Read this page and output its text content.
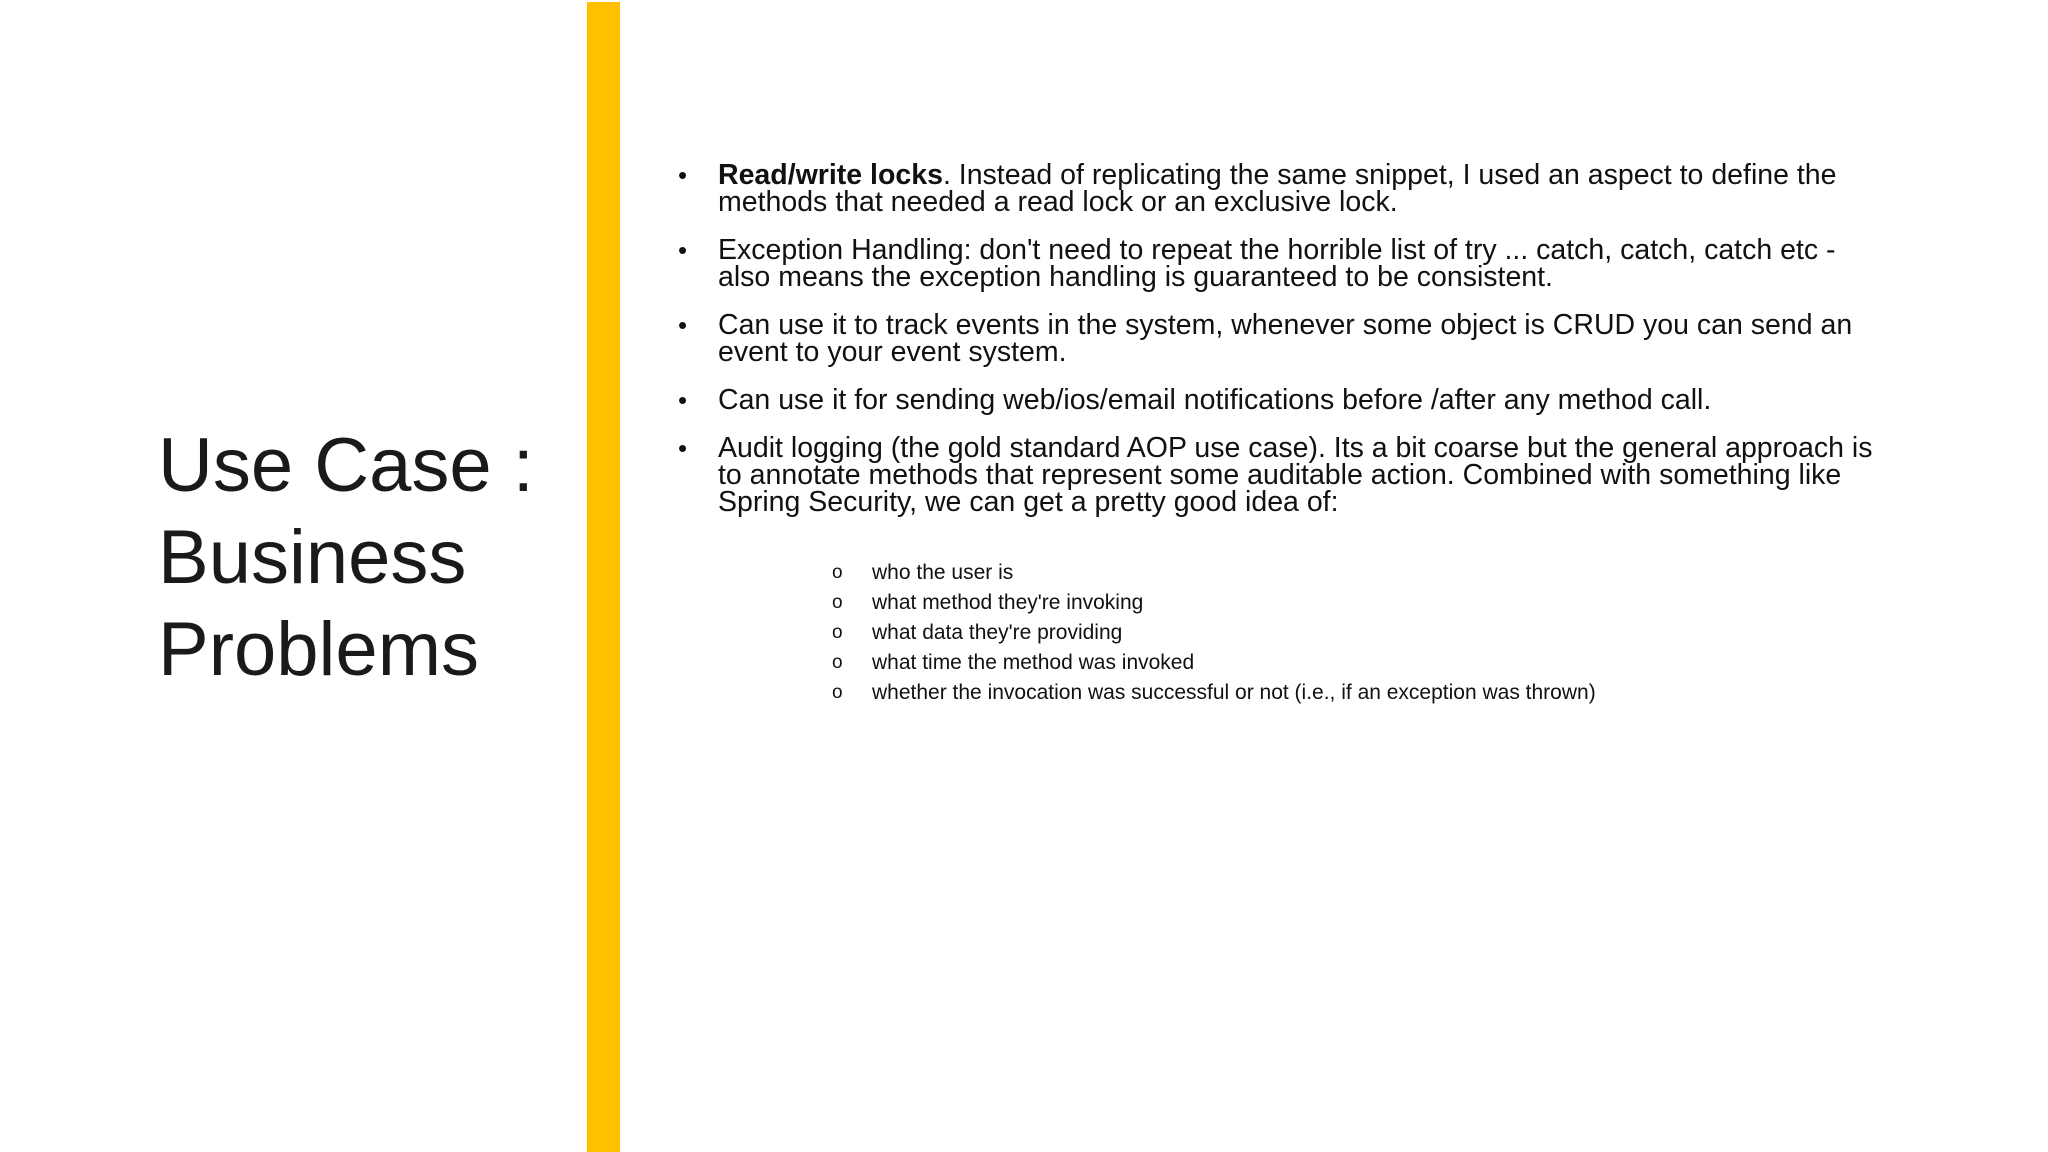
Use Case :
Business
Problems
• Read/write locks. Instead of replicating the same snippet, I used an aspect to define the methods that needed a read lock or an exclusive lock.
• Exception Handling: don't need to repeat the horrible list of try ... catch, catch, catch etc - also means the exception handling is guaranteed to be consistent.
• Can use it to track events in the system, whenever some object is CRUD you can send an event to your event system.
• Can use it for sending web/ios/email notifications before /after any method call.
• Audit logging (the gold standard AOP use case). Its a bit coarse but the general approach is to annotate methods that represent some auditable action. Combined with something like Spring Security, we can get a pretty good idea of:
o who the user is
o what method they're invoking
o what data they're providing
o what time the method was invoked
o whether the invocation was successful or not (i.e., if an exception was thrown)
